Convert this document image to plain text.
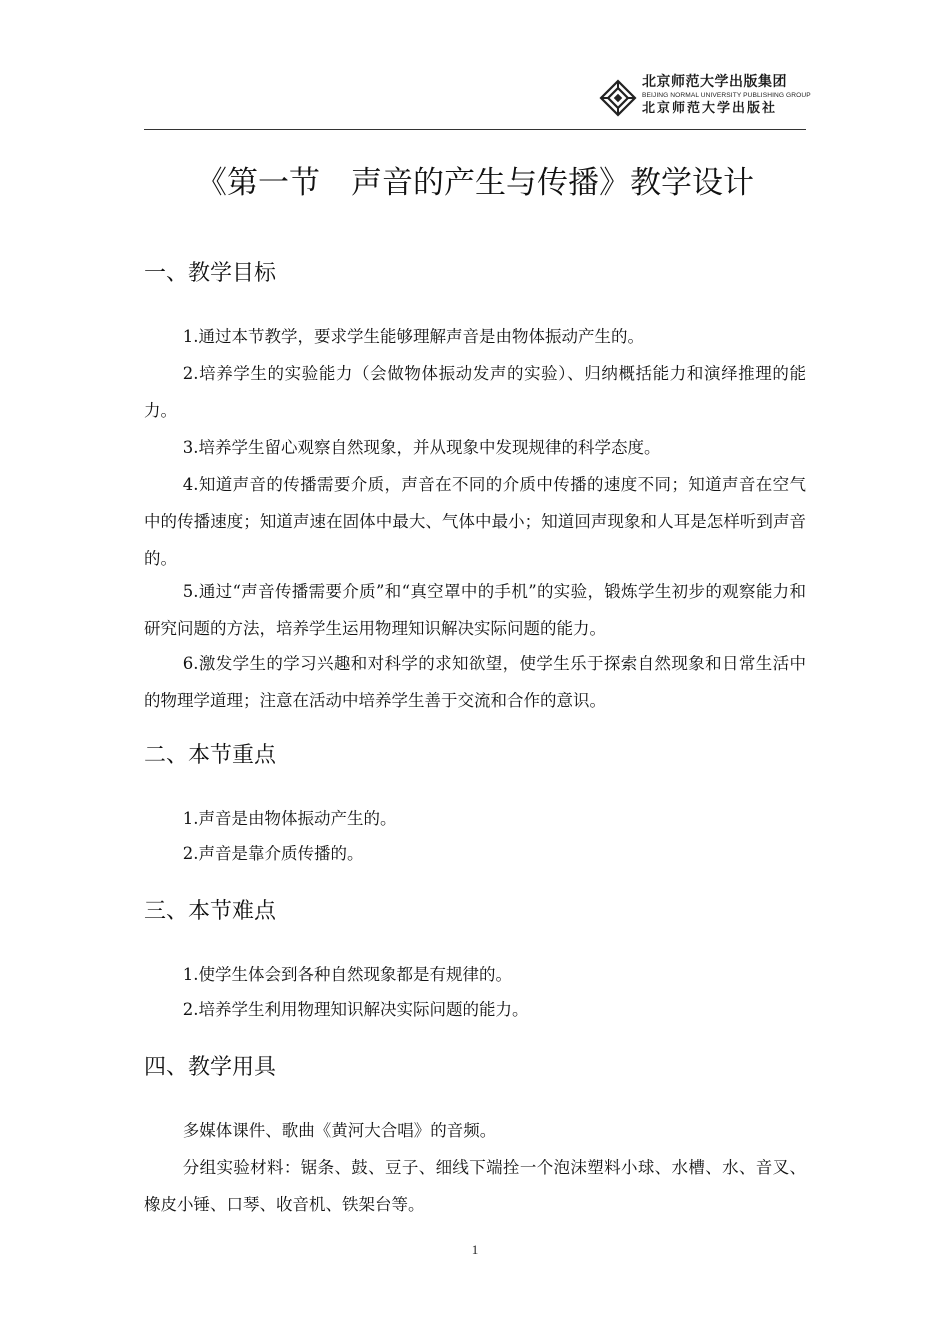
北京师范大学出版集团
BEIJING NORMAL UNIVERSITY PUBLISHING GROUP
北京师范大学出版社
《第一节　声音的产生与传播》教学设计
一、教学目标
1.通过本节教学，要求学生能够理解声音是由物体振动产生的。
2.培养学生的实验能力（会做物体振动发声的实验）、归纳概括能力和演绎推理的能力。
3.培养学生留心观察自然现象，并从现象中发现规律的科学态度。
4.知道声音的传播需要介质，声音在不同的介质中传播的速度不同；知道声音在空气中的传播速度；知道声速在固体中最大、气体中最小；知道回声现象和人耳是怎样听到声音的。
5.通过“声音传播需要介质”和“真空罩中的手机”的实验，锻炼学生初步的观察能力和研究问题的方法，培养学生运用物理知识解决实际问题的能力。
6.激发学生的学习兴趣和对科学的求知欲望，使学生乐于探索自然现象和日常生活中的物理学道理；注意在活动中培养学生善于交流和合作的意识。
二、本节重点
1.声音是由物体振动产生的。
2.声音是靠介质传播的。
三、本节难点
1.使学生体会到各种自然现象都是有规律的。
2.培养学生利用物理知识解决实际问题的能力。
四、教学用具
多媒体课件、歌曲《黄河大合唱》的音频。
分组实验材料：锯条、鼓、豆子、细线下端拴一个泡沫塑料小球、水槽、水、音叉、橡皮小锤、口琴、收音机、铁架台等。
1
